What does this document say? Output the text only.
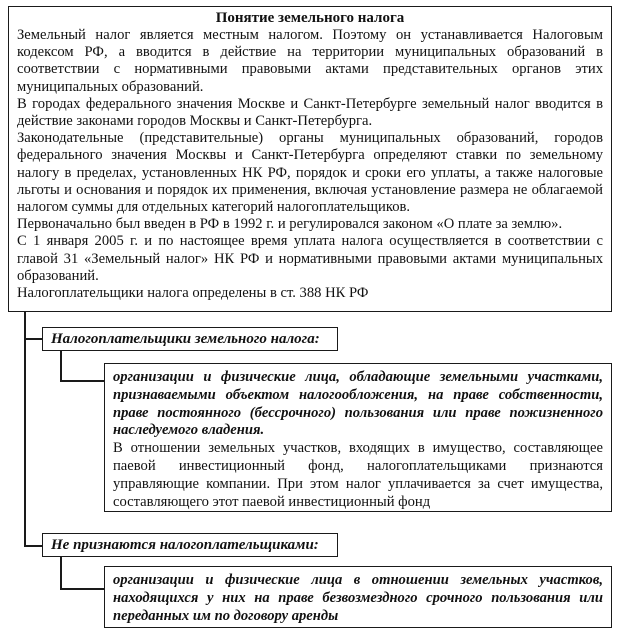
Понятие земельного налога
Земельный налог является местным налогом. Поэтому он устанавливается Налоговым кодексом РФ, а вводится в действие на территории муниципальных образований в соответствии с нормативными правовыми актами представительных органов этих муниципальных образований.
В городах федерального значения Москве и Санкт-Петербурге земельный налог вводится в действие законами городов Москвы и Санкт-Петербурга.
Законодательные (представительные) органы муниципальных образований, городов федерального значения Москвы и Санкт-Петербурга определяют ставки по земельному налогу в пределах, установленных НК РФ, порядок и сроки его уплаты, а также налоговые льготы и основания и порядок их применения, включая установление размера не облагаемой налогом суммы для отдельных категорий налогоплательщиков.
Первоначально был введен в РФ в 1992 г. и регулировался законом «О плате за землю».
С 1 января 2005 г. и по настоящее время уплата налога осуществляется в соответствии с главой 31 «Земельный налог» НК РФ и нормативными правовыми актами муниципальных образований.
Налогоплательщики налога определены в ст. 388 НК РФ
Налогоплательщики земельного налога:
организации и физические лица, обладающие земельными участками, признаваемыми объектом налогообложения, на праве собственности, праве постоянного (бессрочного) пользования или праве пожизненного наследуемого владения.
В отношении земельных участков, входящих в имущество, составляющее паевой инвестиционный фонд, налогоплательщиками признаются управляющие компании. При этом налог уплачивается за счет имущества, составляющего этот паевой инвестиционный фонд
Не признаются налогоплательщиками:
организации и физические лица в отношении земельных участков, находящихся у них на праве безвозмездного срочного пользования или переданных им по договору аренды
